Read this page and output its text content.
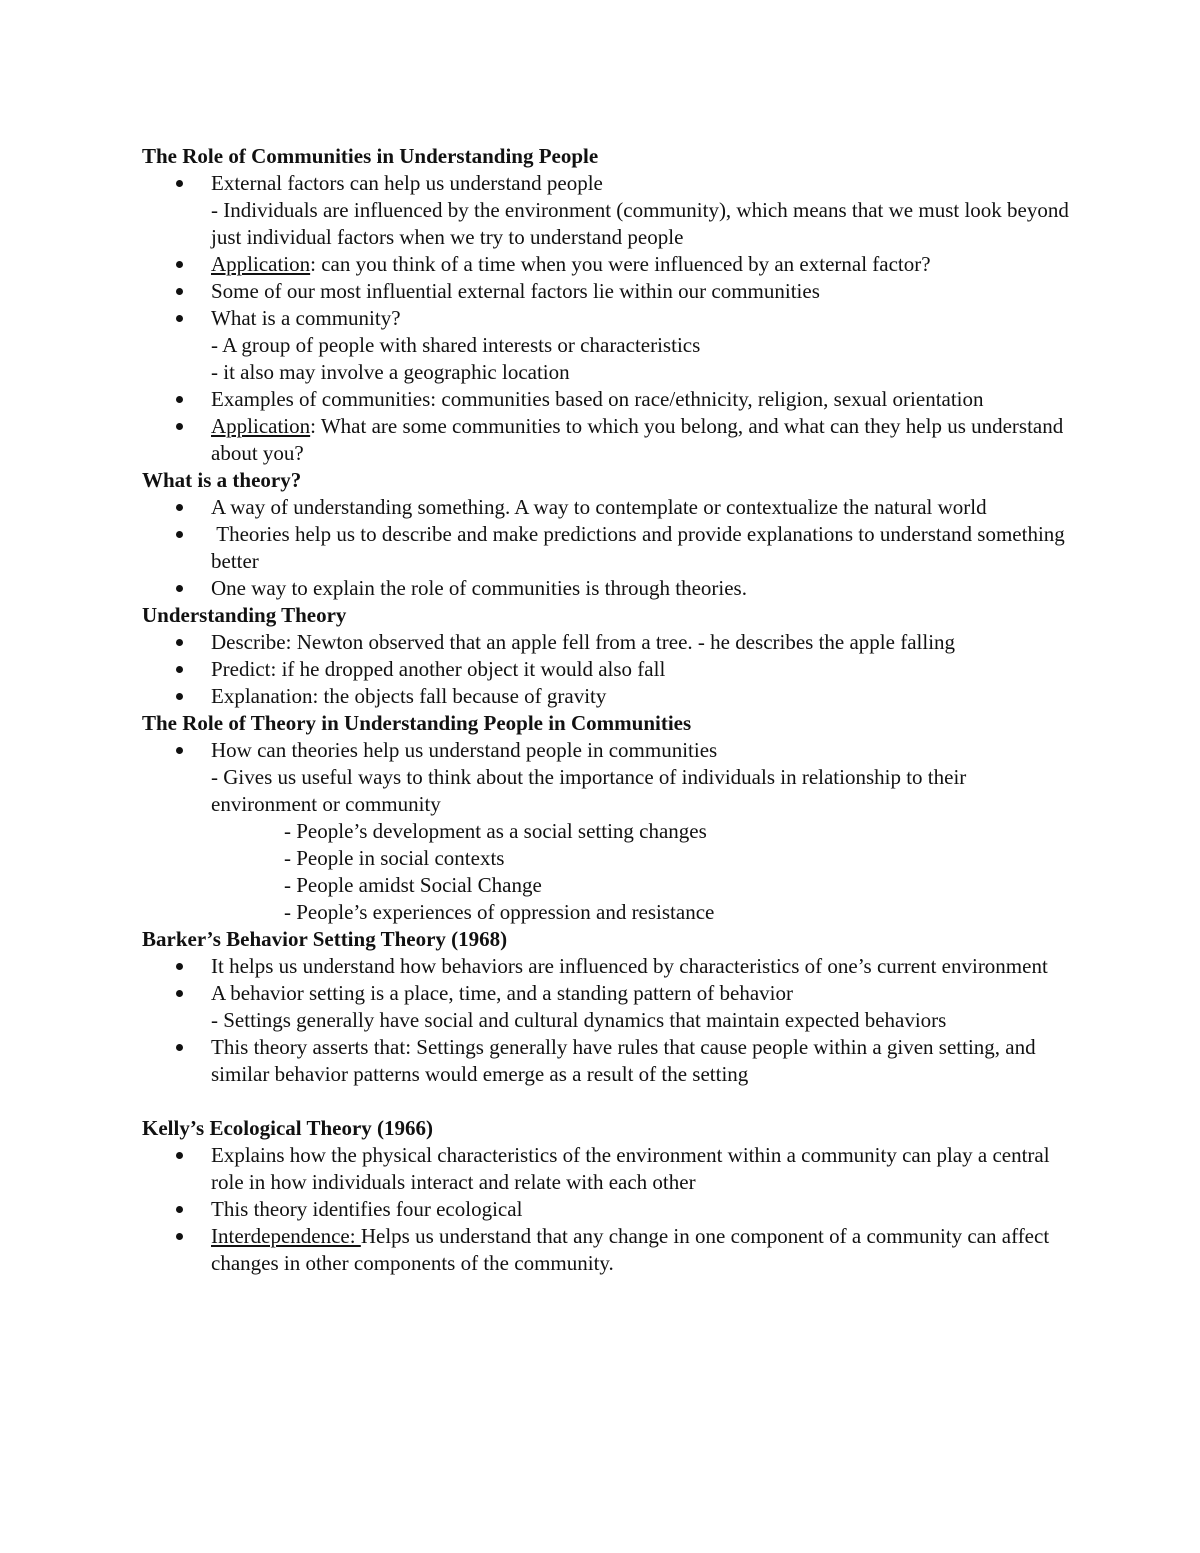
The Role of Communities in Understanding People

External factors can help us understand people
- Individuals are influenced by the environment (community), which means that we must look beyond just individual factors when we try to understand people
Application: can you think of a time when you were influenced by an external factor?
Some of our most influential external factors lie within our communities
What is a community?
- A group of people with shared interests or characteristics
- it also may involve a geographic location
Examples of communities: communities based on race/ethnicity, religion, sexual orientation
Application: What are some communities to which you belong, and what can they help us understand about you?

What is a theory?

A way of understanding something. A way to contemplate or contextualize the natural world
Theories help us to describe and make predictions and provide explanations to understand something better
One way to explain the role of communities is through theories.

Understanding Theory

Describe: Newton observed that an apple fell from a tree. - he describes the apple falling
Predict: if he dropped another object it would also fall
Explanation: the objects fall because of gravity

The Role of Theory in Understanding People in Communities

How can theories help us understand people in communities
- Gives us useful ways to think about the importance of individuals in relationship to their environment or community
- People’s development as a social setting changes
- People in social contexts
- People amidst Social Change
- People’s experiences of oppression and resistance

Barker’s Behavior Setting Theory (1968)

It helps us understand how behaviors are influenced by characteristics of one’s current environment
A behavior setting is a place, time, and a standing pattern of behavior
- Settings generally have social and cultural dynamics that maintain expected behaviors
This theory asserts that: Settings generally have rules that cause people within a given setting, and similar behavior patterns would emerge as a result of the setting

Kelly’s Ecological Theory (1966)

Explains how the physical characteristics of the environment within a community can play a central role in how individuals interact and relate with each other
This theory identifies four ecological
Interdependence: Helps us understand that any change in one component of a community can affect changes in other components of the community.
